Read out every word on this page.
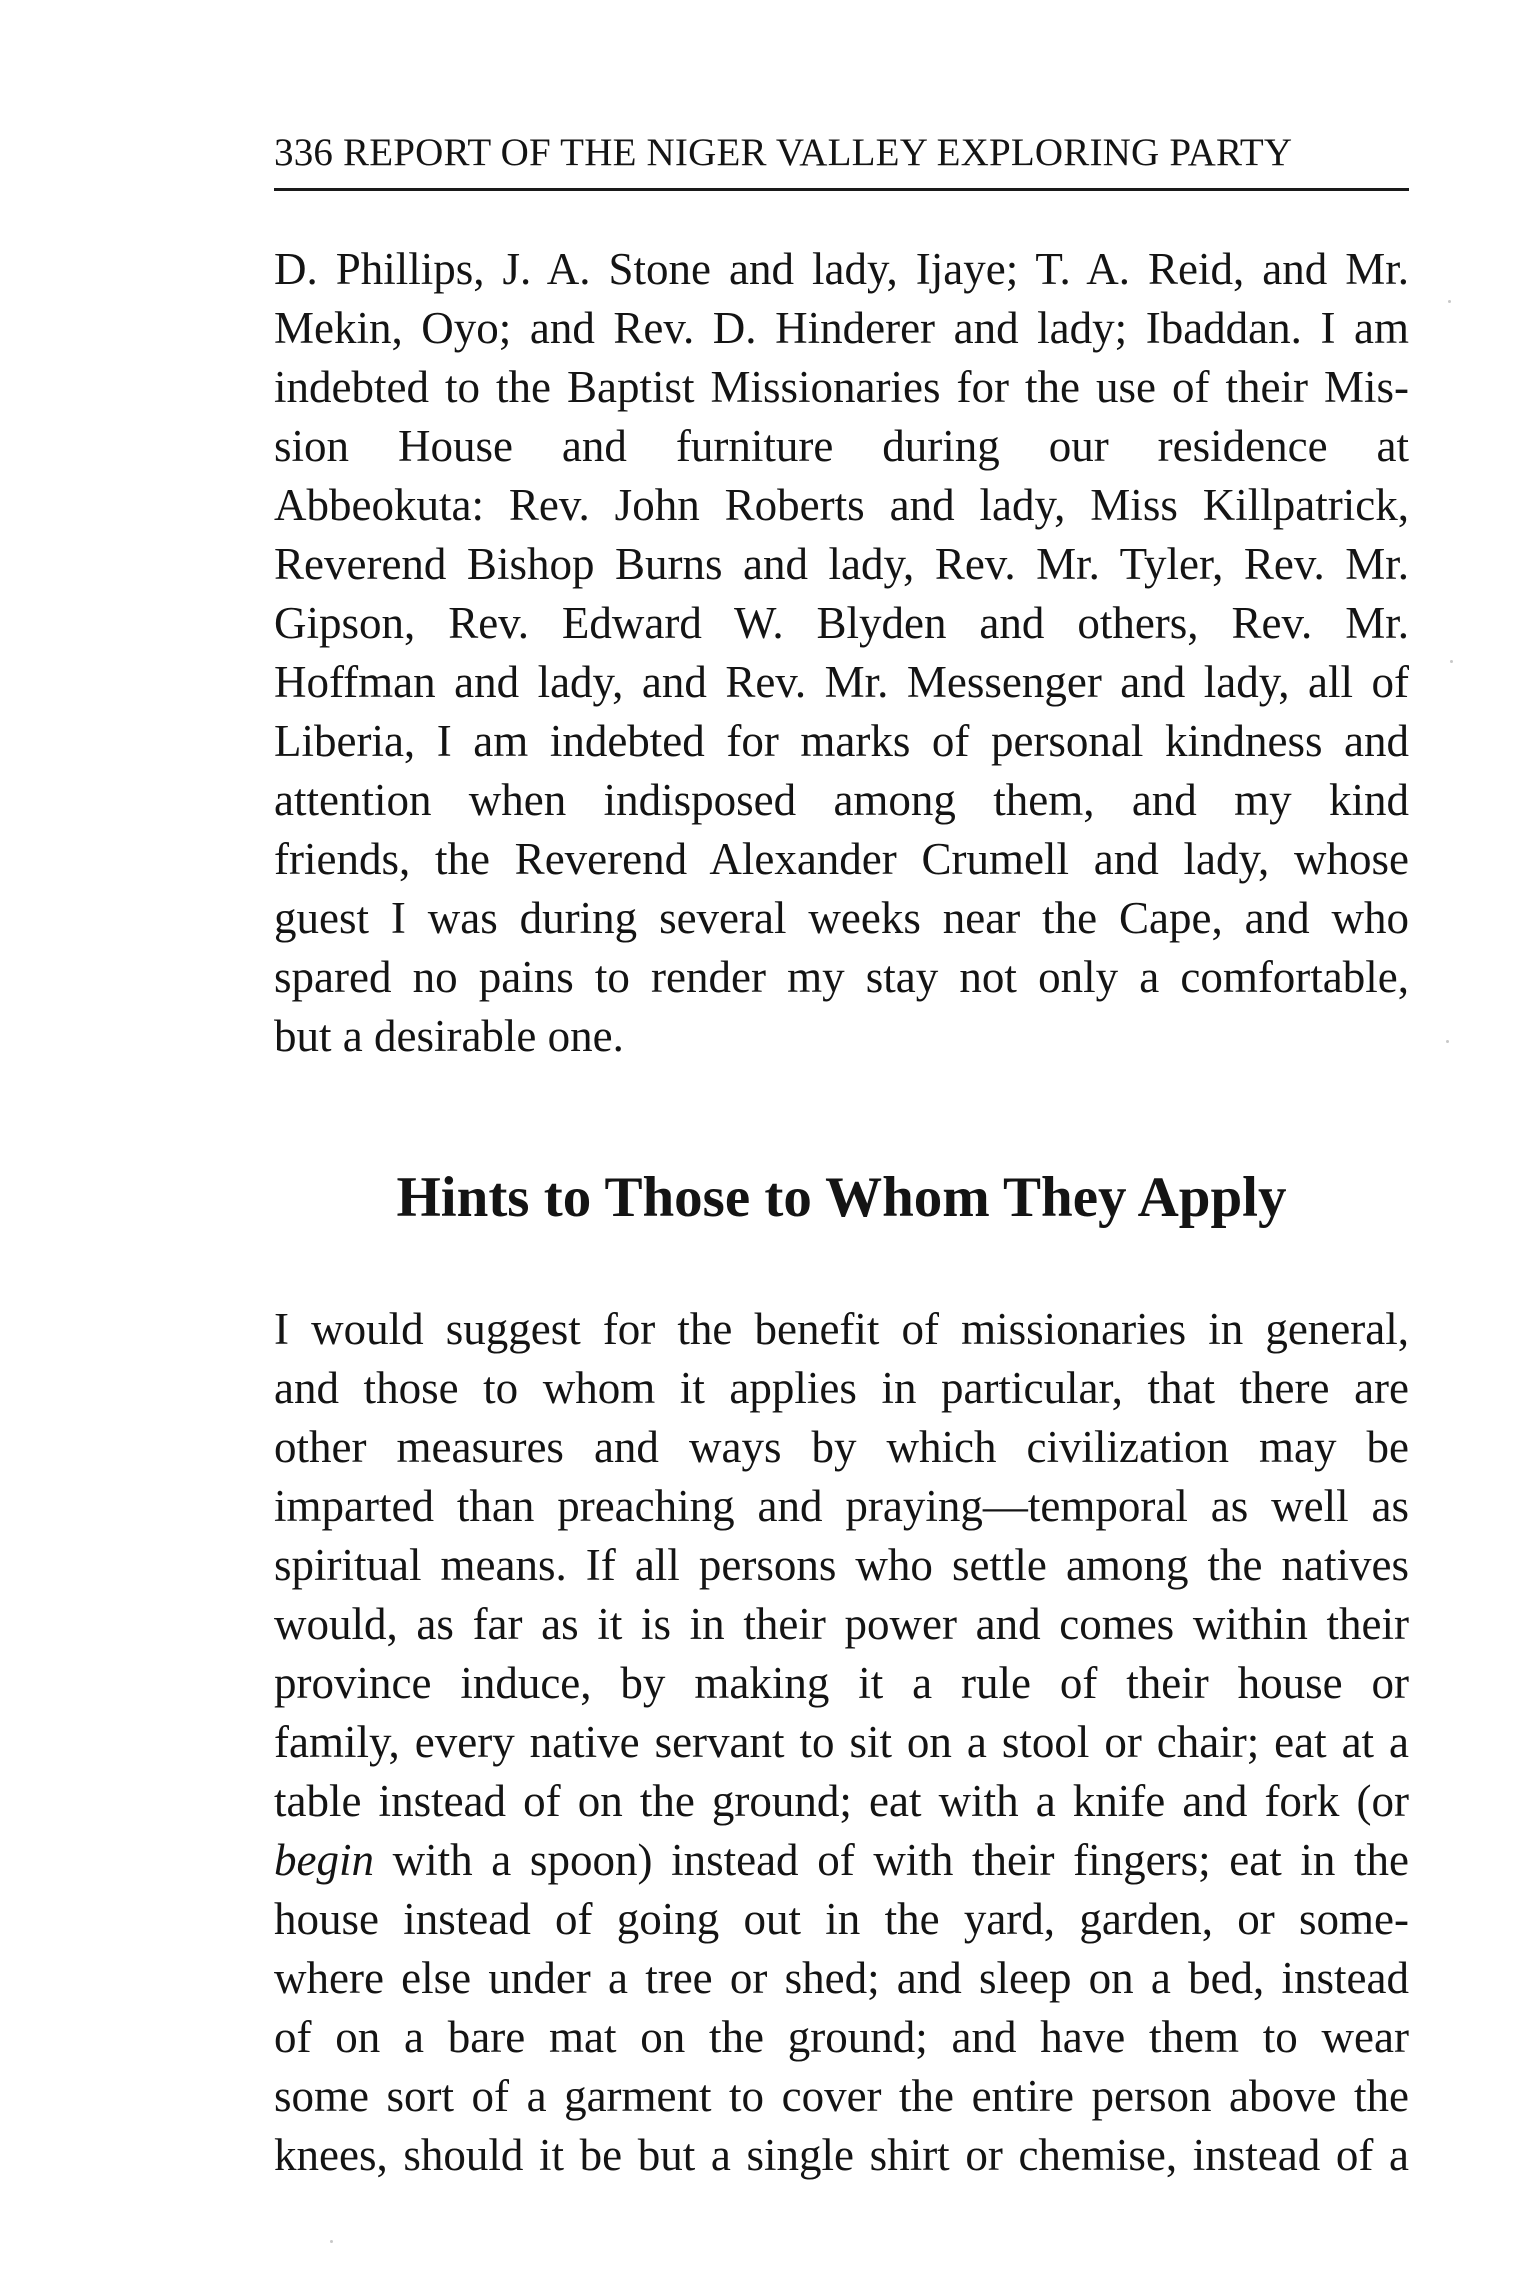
336 REPORT OF THE NIGER VALLEY EXPLORING PARTY
D. Phillips, J. A. Stone and lady, Ijaye; T. A. Reid, and Mr.
Mekin, Oyo; and Rev. D. Hinderer and lady; Ibaddan. I am
indebted to the Baptist Missionaries for the use of their Mis-
sion House and furniture during our residence at
Abbeokuta: Rev. John Roberts and lady, Miss Killpatrick,
Reverend Bishop Burns and lady, Rev. Mr. Tyler, Rev. Mr.
Gipson, Rev. Edward W. Blyden and others, Rev. Mr.
Hoffman and lady, and Rev. Mr. Messenger and lady, all of
Liberia, I am indebted for marks of personal kindness and
attention when indisposed among them, and my kind
friends, the Reverend Alexander Crumell and lady, whose
guest I was during several weeks near the Cape, and who
spared no pains to render my stay not only a comfortable,
but a desirable one.
Hints to Those to Whom They Apply
I would suggest for the benefit of missionaries in general,
and those to whom it applies in particular, that there are
other measures and ways by which civilization may be
imparted than preaching and praying—temporal as well as
spiritual means. If all persons who settle among the natives
would, as far as it is in their power and comes within their
province induce, by making it a rule of their house or
family, every native servant to sit on a stool or chair; eat at a
table instead of on the ground; eat with a knife and fork (or
begin with a spoon) instead of with their fingers; eat in the
house instead of going out in the yard, garden, or some-
where else under a tree or shed; and sleep on a bed, instead
of on a bare mat on the ground; and have them to wear
some sort of a garment to cover the entire person above the
knees, should it be but a single shirt or chemise, instead of a
